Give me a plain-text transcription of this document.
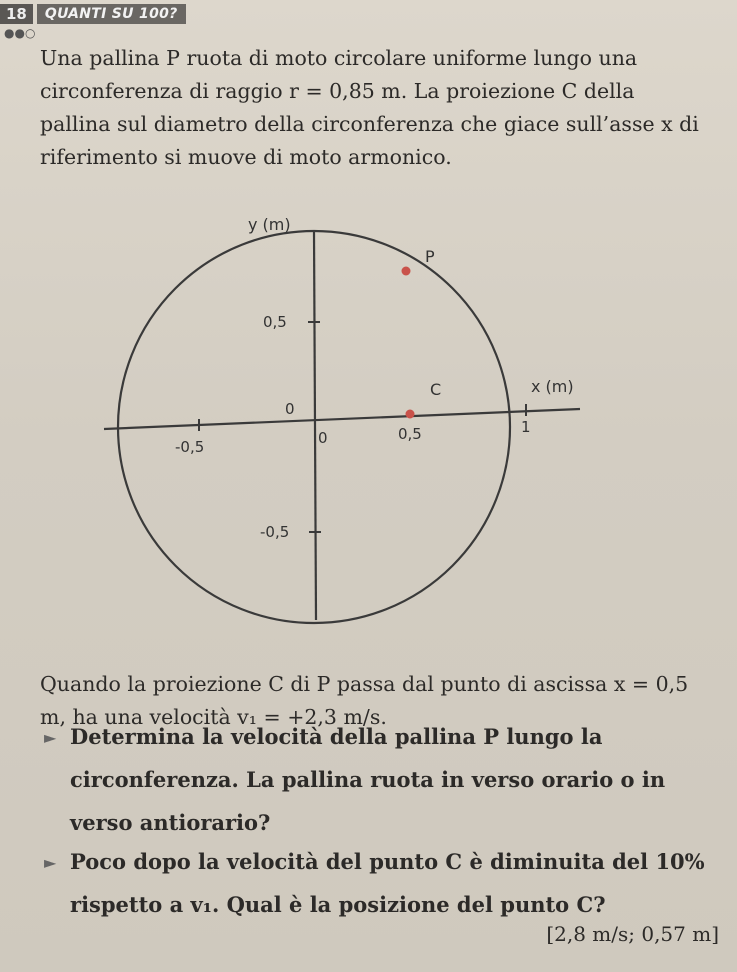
18	QUANTI SU 100?
●●○
Una pallina P ruota di moto circolare uniforme lungo una circonferenza di raggio r = 0,85 m. La proiezione C della pallina sul diametro della circonferenza che giace sull’asse x di riferimento si muove di moto armonico.
y (m)
x (m)
P
C
0
-0,5	0	0,5	1
0,5
-0,5
Quando la proiezione C di P passa dal punto di ascissa x = 0,5 m, ha una velocità v₁ = +2,3 m/s.
► Determina la velocità della pallina P lungo la circonferenza. La pallina ruota in verso orario o in verso antiorario?
► Poco dopo la velocità del punto C è diminuita del 10% rispetto a v₁. Qual è la posizione del punto C?
[2,8 m/s; 0,57 m]
